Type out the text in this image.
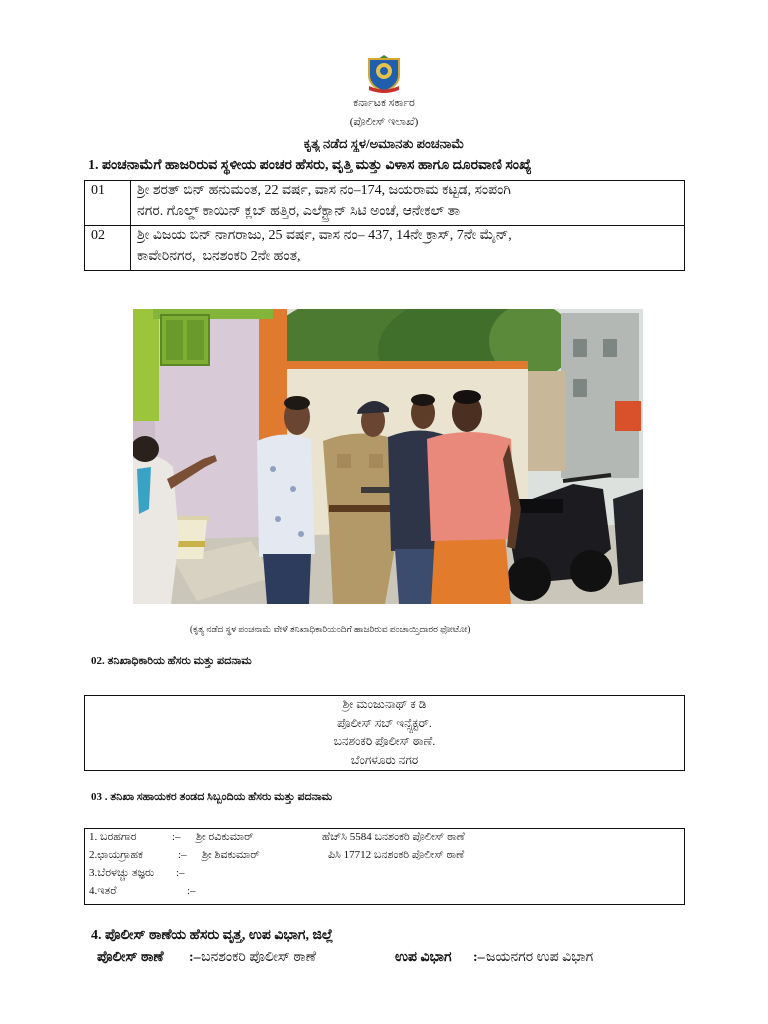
ಕರ್ನಾಟಕ ಸರ್ಕಾರ
(ಪೊಲೀಸ್ ಇಲಾಖೆ)
ಕೃತ್ಯ ನಡೆದ ಸ್ಥಳ/ಅಮಾನತು ಪಂಚನಾಮೆ
1. ಪಂಚನಾಮೆಗೆ ಹಾಜರಿರುವ ಸ್ಥಳೀಯ ಪಂಚರ ಹೆಸರು, ವೃತ್ತಿ ಮತ್ತು ವಿಳಾಸ ಹಾಗೂ ದೂರವಾಣಿ ಸಂಖ್ಯೆ
01	ಶ್ರೀ ಶರತ್ ಬಿನ್ ಹನುಮಂತ, 22 ವರ್ಷ, ವಾಸ ನಂ–174, ಜಯರಾಮ ಕಟ್ಟಡ, ಸಂಪಂಗಿ
ನಗರ. ಗೊಲ್ಡ್ ಕಾಯಿನ್ ಕ್ಲಬ್ ಹತ್ತಿರ, ಎಲೆಕ್ಟ್ರಾನ್ ಸಿಟಿ ಅಂಚೆ, ಆನೇಕಲ್ ತಾ
02	ಶ್ರೀ ವಿಜಯ ಬಿನ್ ನಾಗರಾಜು, 25 ವರ್ಷ, ವಾಸ ನಂ– 437, 14ನೇ ಕ್ರಾಸ್, 7ನೇ ಮೈನ್,
ಕಾವೇರಿನಗರ,  ಬನಶಂಕರಿ 2ನೇ ಹಂತ,
(ಕೃತ್ಯ ನಡೆದ ಸ್ಥಳ ಪಂಚನಾಮೆ ವೇಳೆ ತನಿಖಾಧಿಕಾರಿಯಂದಿಗೆ ಹಾಜರಿರುವ ಪಂಚಾಯ್ತಿದಾರರ ಫೋಟೋ)
02. ತನಿಖಾಧಿಕಾರಿಯ ಹೆಸರು ಮತ್ತು ಪದನಾಮ
ಶ್ರೀ ಮಂಜುನಾಥ್ ಕ ಡಿ
ಪೊಲೀಸ್ ಸಬ್ ಇನ್ಸ್ಪೆಕ್ಟರ್.
ಬನಶಂಕರಿ ಪೊಲೀಸ್ ಠಾಣೆ.
ಬೆಂಗಳೂರು ನಗರ
03 . ತನಿಖಾ ಸಹಾಯಕರ ತಂಡದ ಸಿಬ್ಬಂದಿಯ ಹೆಸರು ಮತ್ತು ಪದನಾಮ
1. ಬರಹಗಾರ	:–	ಶ್ರೀ ರವಿಕುಮಾರ್	ಹೆಚ್‌ಸಿ 5584 ಬನಶಂಕರಿ ಪೊಲೀಸ್ ಠಾಣೆ
2.ಛಾಯಗ್ರಾಹಕ	:–	ಶ್ರೀ ಶಿವಕುಮಾರ್	ಪಿಸಿ 17712 ಬನಶಂಕರಿ ಪೊಲೀಸ್ ಠಾಣೆ
3.ಬೆರಳಚ್ಚು ತಜ್ಞರು	:–
4.ಇತರೆ	:–
4. ಪೊಲೀಸ್ ಠಾಣೆಯ ಹೆಸರು ವೃತ್ತ, ಉಪ ವಿಭಾಗ, ಜಿಲ್ಲೆ
ಪೊಲೀಸ್ ಠಾಣೆ	:– ಬನಶಂಕರಿ ಪೊಲೀಸ್ ಠಾಣೆ	ಉಪ ವಿಭಾಗ	:– ಜಯನಗರ ಉಪ ವಿಭಾಗ
